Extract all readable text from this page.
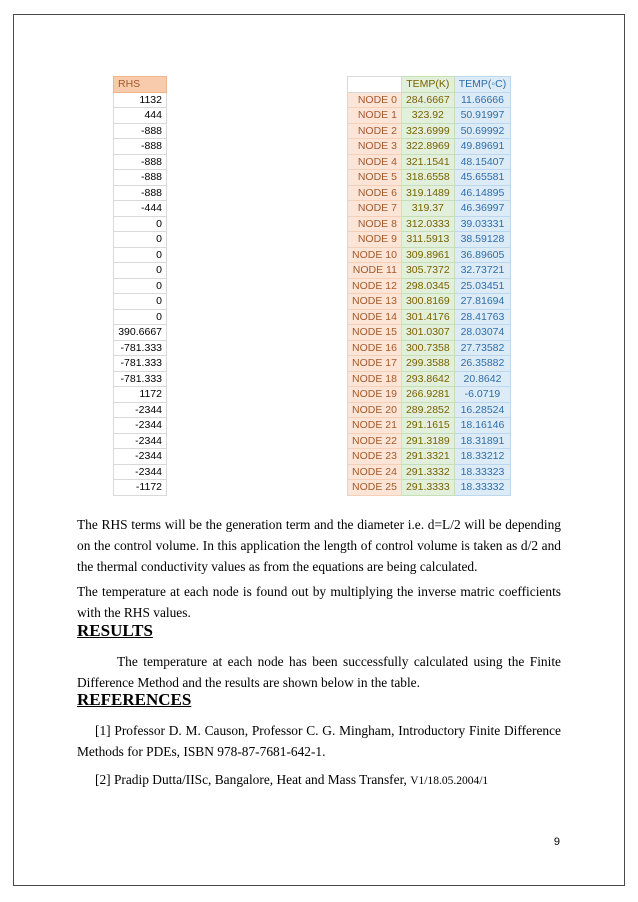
RHS
1132
444
-888
-888
-888
-888
-888
-444
0
0
0
0
0
0
0
390.6667
-781.333
-781.333
-781.333
1172
-2344
-2344
-2344
-2344
-2344
-1172
	TEMP(K)	TEMP(◦C)
NODE 0	284.6667	11.66666
NODE 1	323.92	50.91997
NODE 2	323.6999	50.69992
NODE 3	322.8969	49.89691
NODE 4	321.1541	48.15407
NODE 5	318.6558	45.65581
NODE 6	319.1489	46.14895
NODE 7	319.37	46.36997
NODE 8	312.0333	39.03331
NODE 9	311.5913	38.59128
NODE 10	309.8961	36.89605
NODE 11	305.7372	32.73721
NODE 12	298.0345	25.03451
NODE 13	300.8169	27.81694
NODE 14	301.4176	28.41763
NODE 15	301.0307	28.03074
NODE 16	300.7358	27.73582
NODE 17	299.3588	26.35882
NODE 18	293.8642	20.8642
NODE 19	266.9281	-6.0719
NODE 20	289.2852	16.28524
NODE 21	291.1615	18.16146
NODE 22	291.3189	18.31891
NODE 23	291.3321	18.33212
NODE 24	291.3332	18.33323
NODE 25	291.3333	18.33332

The RHS terms will be the generation term and the diameter i.e. d=L/2 will be depending on the control volume. In this application the length of control volume is taken as d/2 and the thermal conductivity values as from the equations are being calculated.

The temperature at each node is found out by multiplying the inverse matric coefficients with the RHS values.

RESULTS

The temperature at each node has been successfully calculated using the Finite Difference Method and the results are shown below in the table.

REFERENCES

[1] Professor D. M. Causon, Professor C. G. Mingham, Introductory Finite Difference Methods for PDEs, ISBN 978-87-7681-642-1.

[2] Pradip Dutta/IISc, Bangalore, Heat and Mass Transfer, V1/18.05.2004/1

9
